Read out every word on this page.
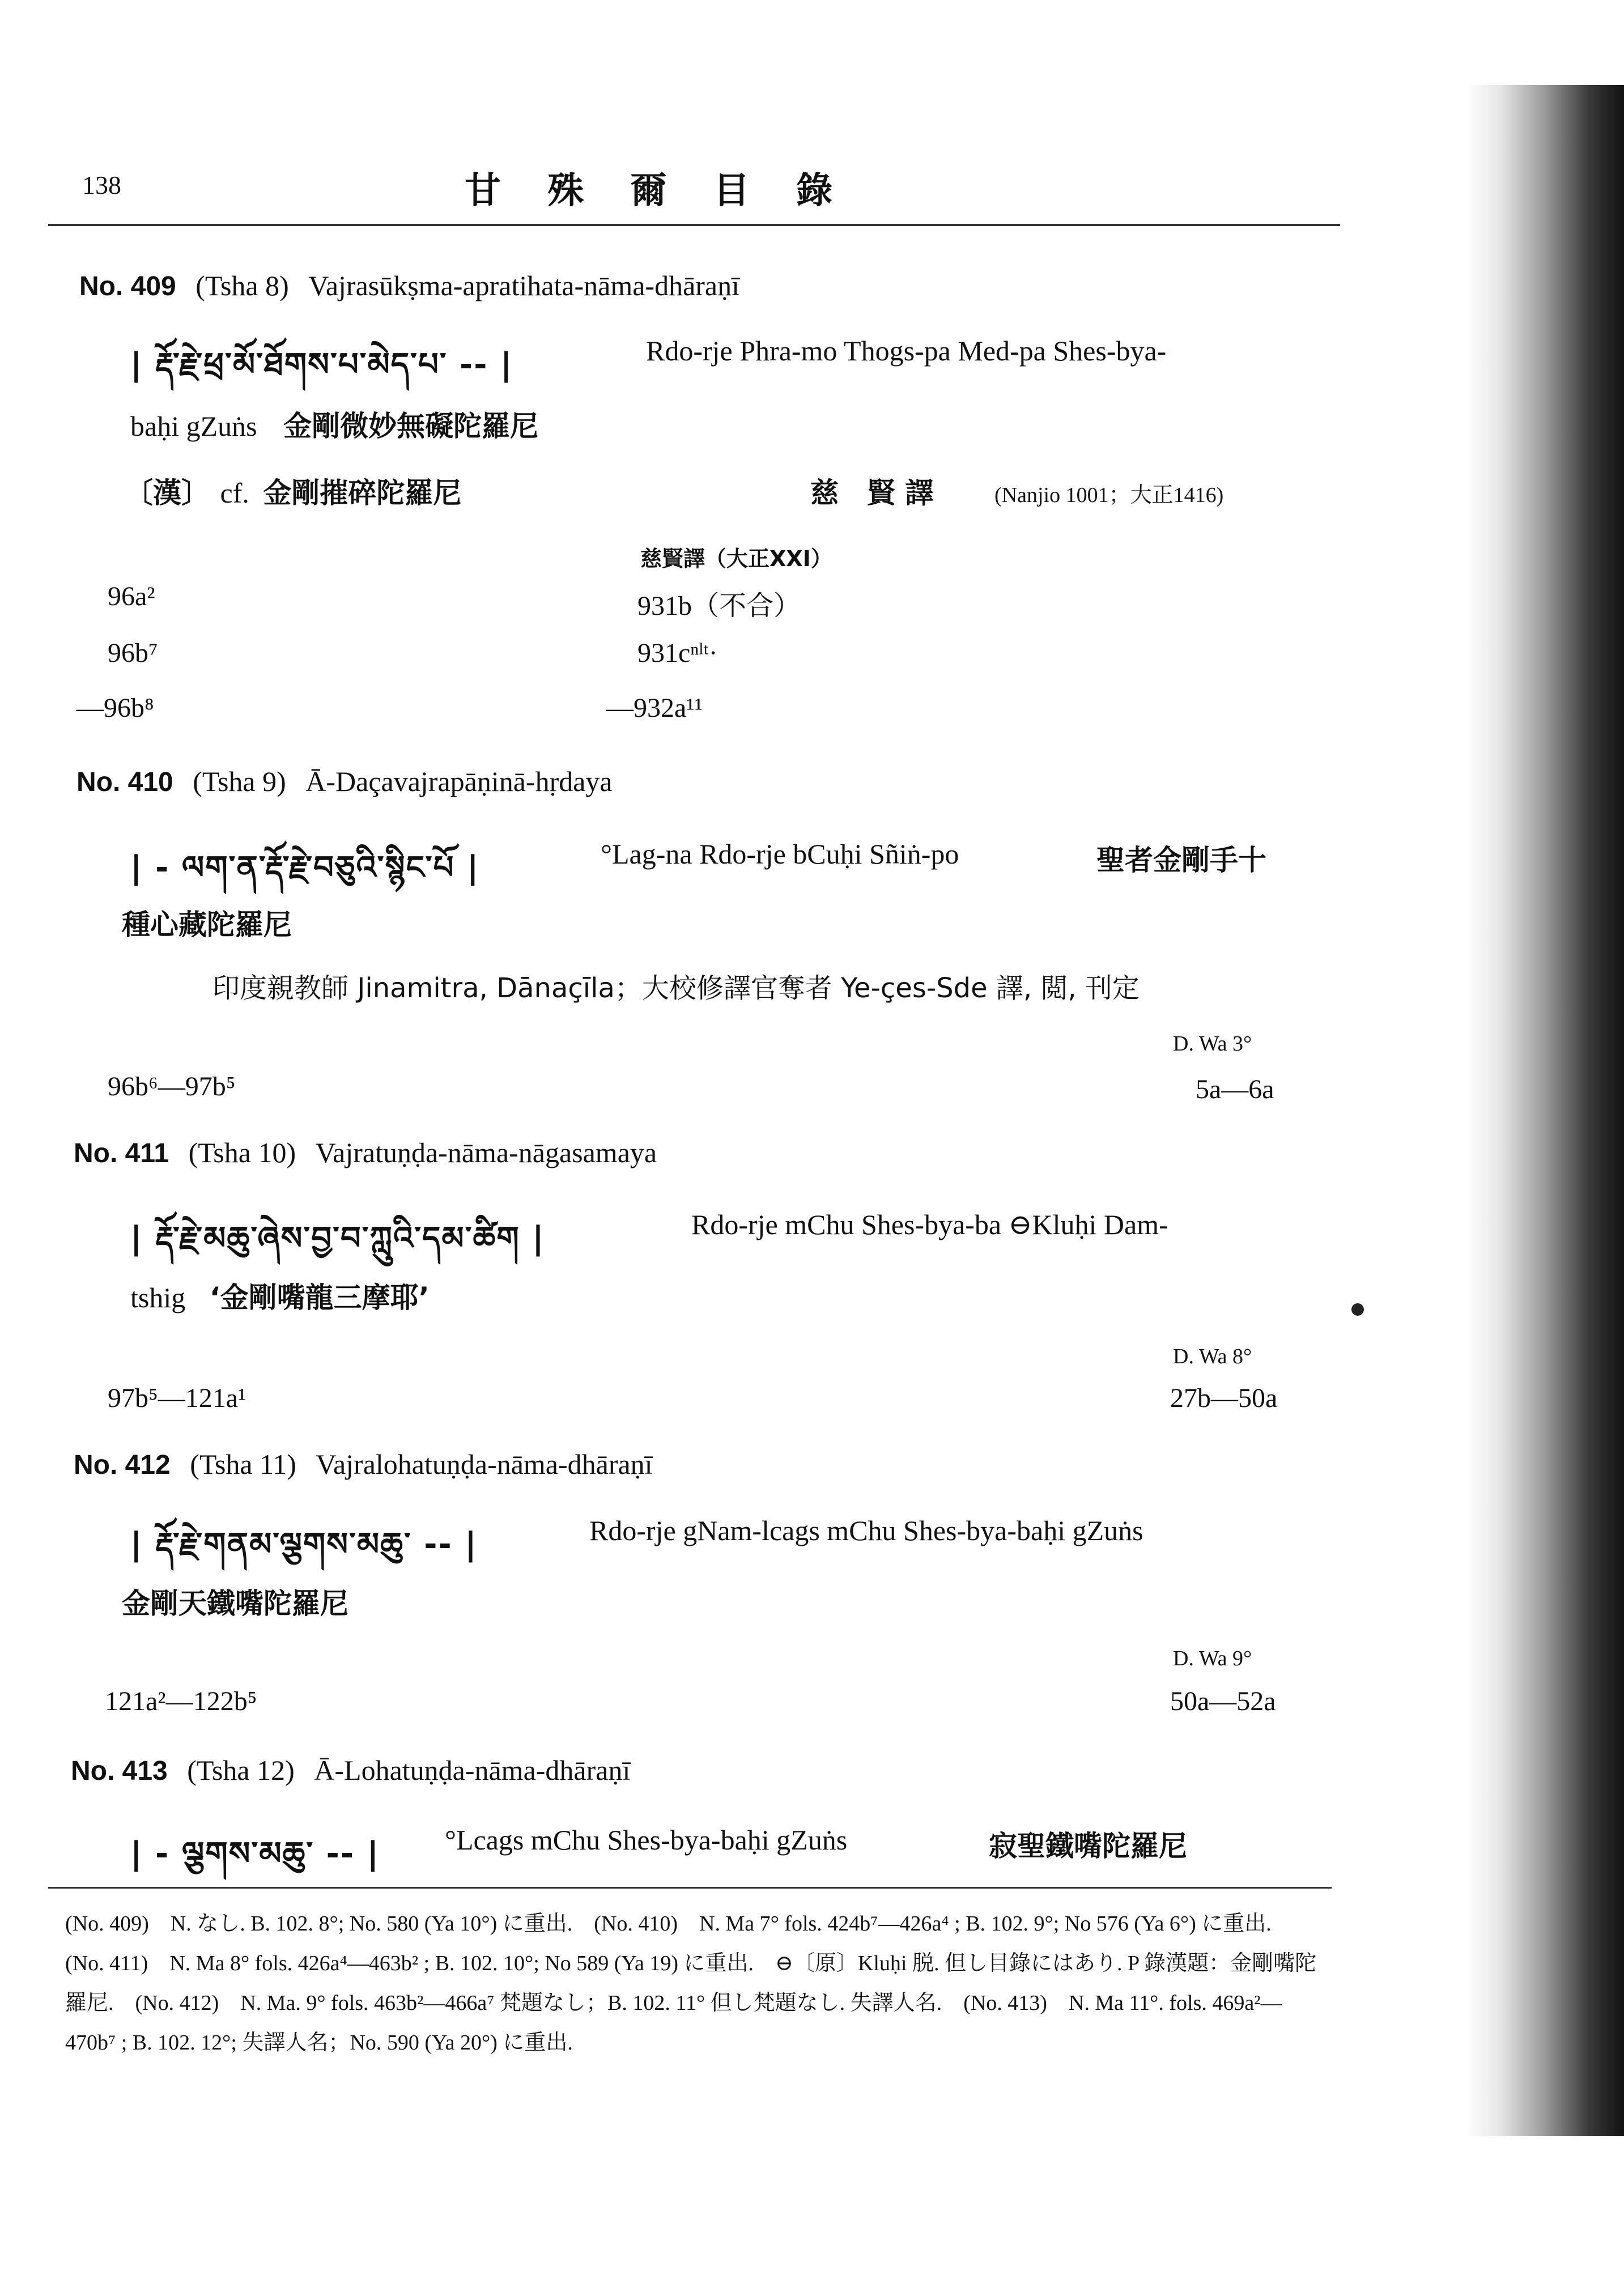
138	甘 殊 爾 目 錄
No. 409 (Tsha 8) Vajrasūkṣma-apratihata-nāma-dhāraṇī
| རྡོ་རྗེ་ཕྲ་མོ་ཐོགས་པ་མེད་པ་ -- |	Rdo-rje Phra-mo Thogs-pa Med-pa Shes-bya-
baḥi gZuṅs 金剛微妙無礙陀羅尼
〔漢〕 cf. 金剛摧碎陀羅尼	慈　賢 譯	(Nanjio 1001；大正1416)
慈賢譯（大正XXI）
96a²	931b（不合）
96b⁷	931cⁿˡᵗ·
—96b⁸	—932a¹¹
No. 410 (Tsha 9) Ā-Daçavajrapāṇinā-hṛdaya
| - ལག་ན་རྡོ་རྗེ་བཅུའི་སྙིང་པོ |	°Lag-na Rdo-rje bCuḥi Sñiṅ-po	聖者金剛手十
種心藏陀羅尼
印度親教師 Jinamitra, Dānaçīla；大校修譯官奪者 Ye-çes-Sde 譯, 閲, 刊定
D. Wa 3°
96b⁶—97b⁵	5a—6a
No. 411 (Tsha 10) Vajratuṇḍa-nāma-nāgasamaya
| རྡོ་རྗེ་མཆུ་ཞེས་བྱ་བ་ཀླུའི་དམ་ཚིག |	Rdo-rje mChu Shes-bya-ba ⊖Kluḥi Dam-
tshig ‘金剛嘴龍三摩耶’
D. Wa 8°
97b⁵—121a¹	27b—50a
No. 412 (Tsha 11) Vajralohatuṇḍa-nāma-dhāraṇī
| རྡོ་རྗེ་གནམ་ལྕགས་མཆུ་ -- |	Rdo-rje gNam-lcags mChu Shes-bya-baḥi gZuṅs
金剛天鐵嘴陀羅尼
D. Wa 9°
121a²—122b⁵	50a—52a
No. 413 (Tsha 12) Ā-Lohatuṇḍa-nāma-dhāraṇī
| - ལྕགས་མཆུ་ -- | °Lcags mChu Shes-bya-baḥi gZuṅs	寂聖鐵嘴陀羅尼
(No. 409)　N. なし. B. 102. 8°; No. 580 (Ya 10°) に重出.　(No. 410)　N. Ma 7° fols. 424b⁷—426a⁴ ; B. 102. 9°; No 576 (Ya 6°) に重出.　(No. 411)　N. Ma 8° fols. 426a⁴—463b² ; B. 102. 10°; No 589 (Ya 19) に重出.　⊖〔原〕Kluḥi 脱. 但し目錄にはあり. P 錄漢題：金剛嘴陀羅尼.　(No. 412)　N. Ma. 9° fols. 463b²—466a⁷ 梵題なし；B. 102. 11° 但し梵題なし. 失譯人名.　(No. 413)　N. Ma 11°. fols. 469a²—470b⁷ ; B. 102. 12°; 失譯人名；No. 590 (Ya 20°) に重出.
